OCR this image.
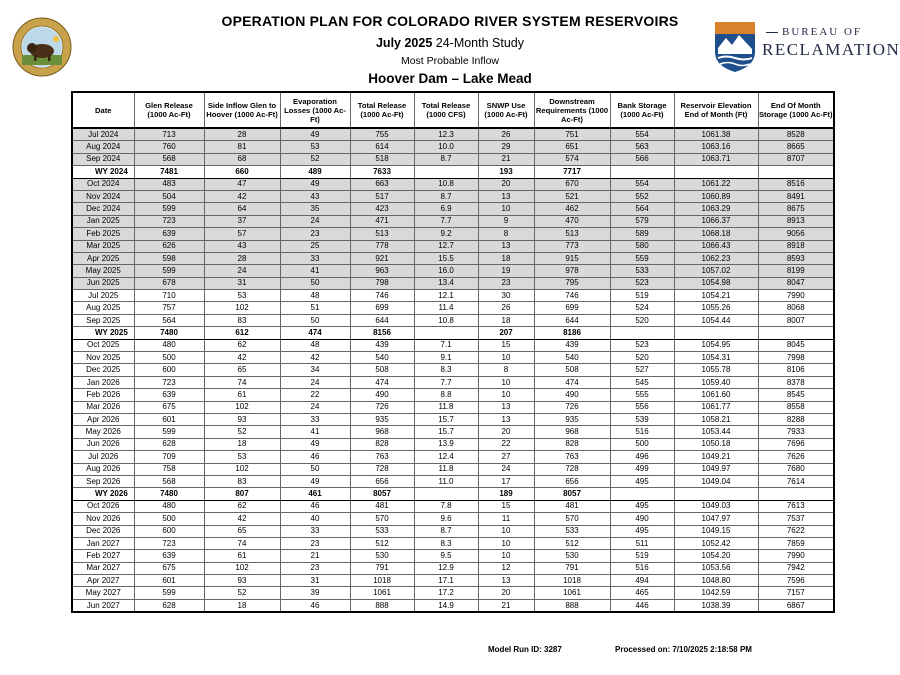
BUREAU OF
RECLAMATION
OPERATION PLAN FOR COLORADO RIVER SYSTEM RESERVOIRS
July 2025 24-Month Study
Most Probable Inflow
Hoover Dam – Lake Mead
Date	Glen Release (1000 Ac-Ft)	Side Inflow Glen to Hoover (1000 Ac-Ft)	Evaporation Losses (1000 Ac-Ft)	Total Release (1000 Ac-Ft)	Total Release (1000 CFS)	SNWP Use (1000 Ac-Ft)	Downstream Requirements (1000 Ac-Ft)	Bank Storage (1000 Ac-Ft)	Reservoir Elevation End of Month (Ft)	End Of Month Storage (1000 Ac-Ft)
Jul 2024	713	28	49	755	12.3	26	751	554	1061.38	8528
Aug 2024	760	81	53	614	10.0	29	651	563	1063.16	8665
Sep 2024	568	68	52	518	8.7	21	574	566	1063.71	8707
WY 2024	7481	660	489	7633		193	7717			
Oct 2024	483	47	49	663	10.8	20	670	554	1061.22	8516
Nov 2024	504	42	43	517	8.7	13	521	552	1060.89	8491
Dec 2024	599	64	35	423	6.9	10	462	564	1063.29	8675
Jan 2025	723	37	24	471	7.7	9	470	579	1066.37	8913
Feb 2025	639	57	23	513	9.2	8	513	589	1068.18	9056
Mar 2025	626	43	25	778	12.7	13	773	580	1066.43	8918
Apr 2025	598	28	33	921	15.5	18	915	559	1062.23	8593
May 2025	599	24	41	963	16.0	19	978	533	1057.02	8199
Jun 2025	678	31	50	798	13.4	23	795	523	1054.98	8047
Jul 2025	710	53	48	746	12.1	30	746	519	1054.21	7990
Aug 2025	757	102	51	699	11.4	26	699	524	1055.26	8068
Sep 2025	564	83	50	644	10.8	18	644	520	1054.44	8007
WY 2025	7480	612	474	8156		207	8186			
Oct 2025	480	62	48	439	7.1	15	439	523	1054.95	8045
Nov 2025	500	42	42	540	9.1	10	540	520	1054.31	7998
Dec 2025	600	65	34	508	8.3	8	508	527	1055.78	8106
Jan 2026	723	74	24	474	7.7	10	474	545	1059.40	8378
Feb 2026	639	61	22	490	8.8	10	490	555	1061.60	8545
Mar 2026	675	102	24	726	11.8	13	726	556	1061.77	8558
Apr 2026	601	93	33	935	15.7	13	935	539	1058.21	8288
May 2026	599	52	41	968	15.7	20	968	516	1053.44	7933
Jun 2026	628	18	49	828	13.9	22	828	500	1050.18	7696
Jul 2026	709	53	46	763	12.4	27	763	496	1049.21	7626
Aug 2026	758	102	50	728	11.8	24	728	499	1049.97	7680
Sep 2026	568	83	49	656	11.0	17	656	495	1049.04	7614
WY 2026	7480	807	461	8057		189	8057			
Oct 2026	480	62	46	481	7.8	15	481	495	1049.03	7613
Nov 2026	500	42	40	570	9.6	11	570	490	1047.97	7537
Dec 2026	600	65	33	533	8.7	10	533	495	1049.15	7622
Jan 2027	723	74	23	512	8.3	10	512	511	1052.42	7859
Feb 2027	639	61	21	530	9.5	10	530	519	1054.20	7990
Mar 2027	675	102	23	791	12.9	12	791	516	1053.56	7942
Apr 2027	601	93	31	1018	17.1	13	1018	494	1048.80	7596
May 2027	599	52	39	1061	17.2	20	1061	465	1042.59	7157
Jun 2027	628	18	46	888	14.9	21	888	446	1038.39	6867
Model Run ID: 3287	Processed on: 7/10/2025 2:18:58 PM
